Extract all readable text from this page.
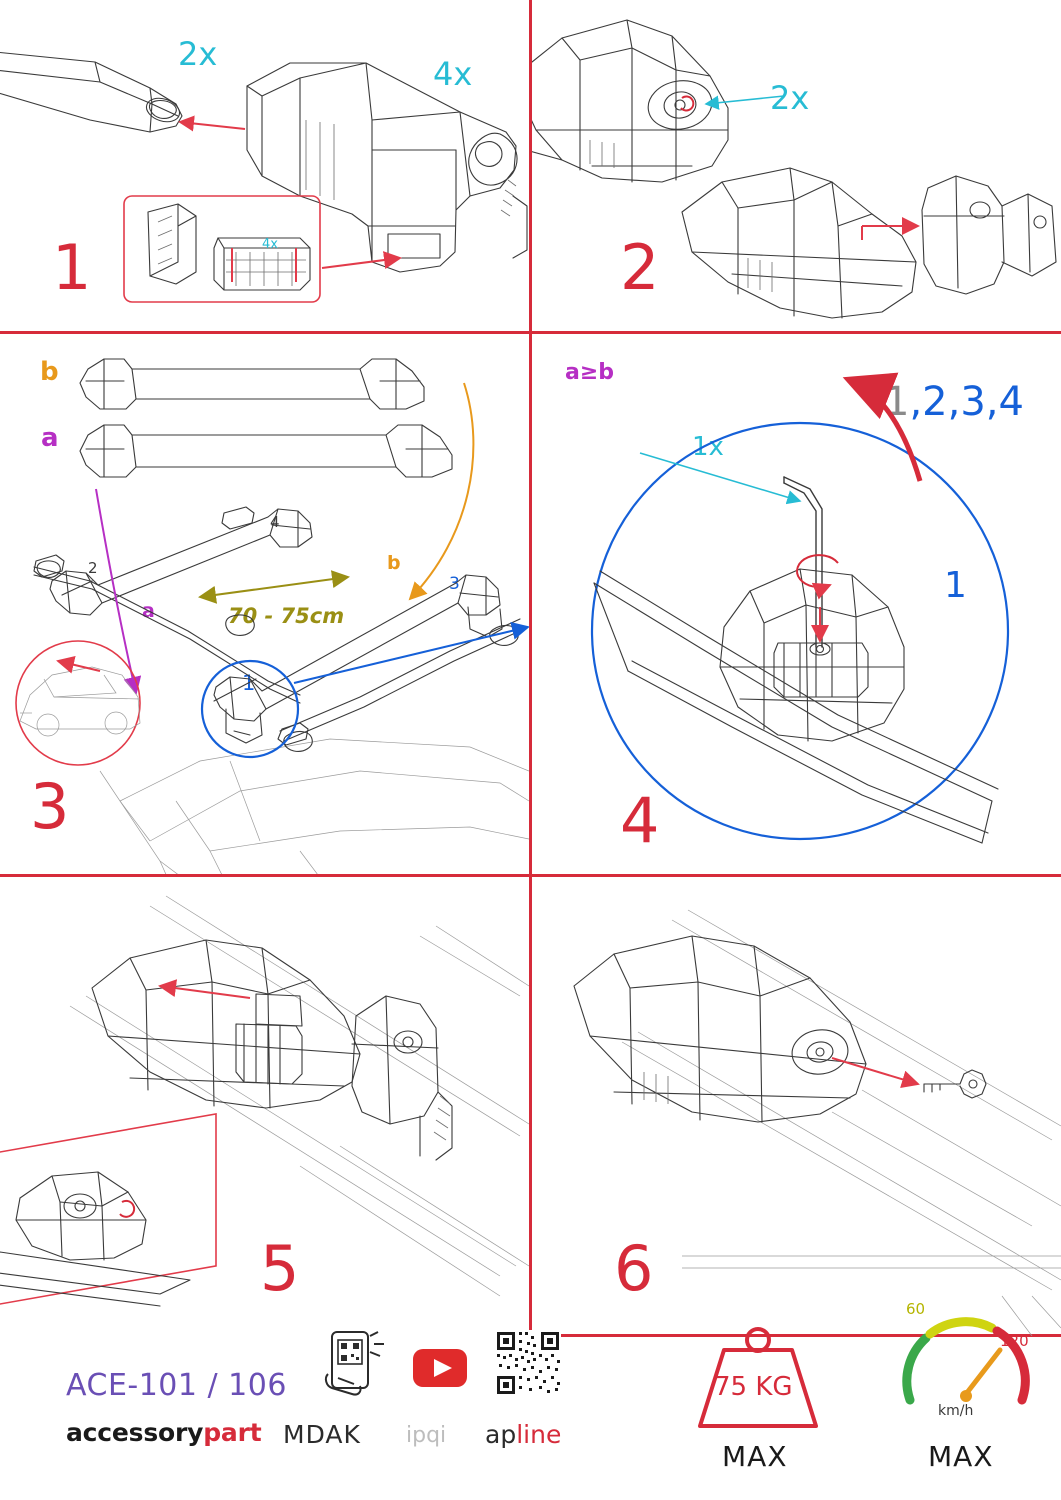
1
2x
4x
4x	2
2x
3
b
a
a
b
70 - 75cm
1
2
3
4
4
a≥b
1x
1,2,3,4
1
5	6
ACE-101 / 106
accessorypart MDAK ipqi apline
75 KG
MAX
60
120
km/h
MAX
